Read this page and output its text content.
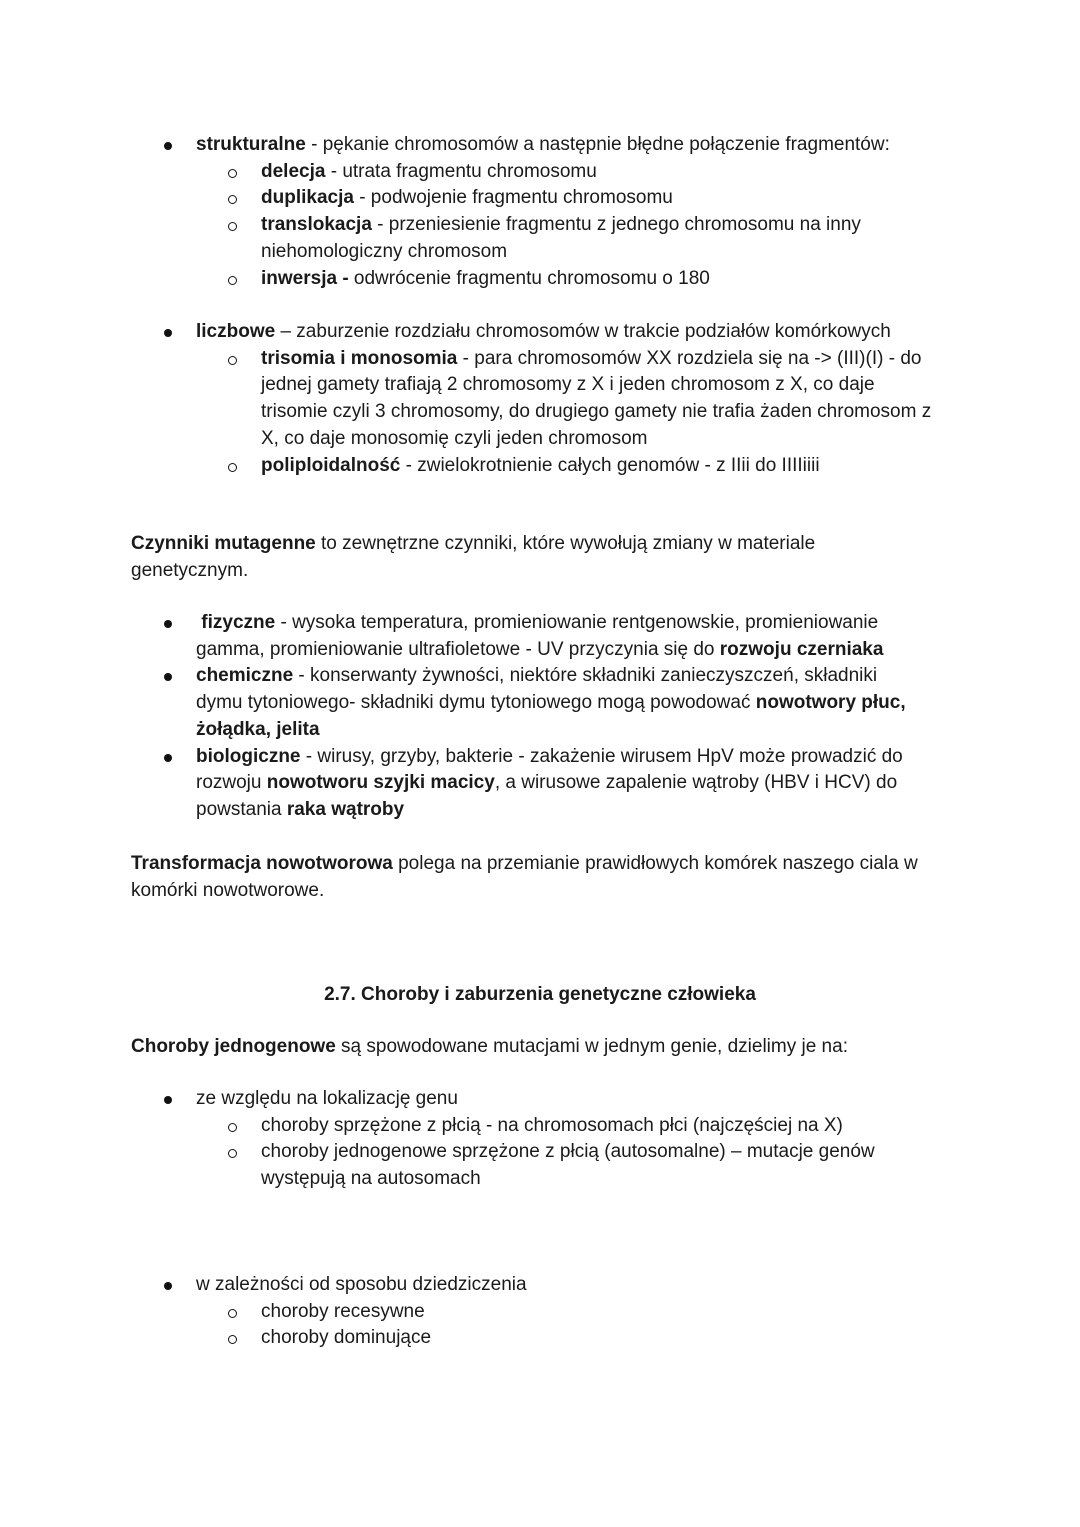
strukturalne - pękanie chromosomów a następnie błędne połączenie fragmentów:
delecja - utrata fragmentu chromosomu
duplikacja - podwojenie fragmentu chromosomu
translokacja - przeniesienie fragmentu z jednego chromosomu na inny niehomologiczny chromosom
inwersja - odwrócenie fragmentu chromosomu o 180
liczbowe – zaburzenie rozdziału chromosomów w trakcie podziałów komórkowych
trisomia i monosomia - para chromosomów XX rozdziela się na -> (III)(I) - do jednej gamety trafiają 2 chromosomy z X i jeden chromosom z X, co daje trisomie czyli 3 chromosomy, do drugiego gamety nie trafia żaden chromosom z X, co daje monosomię czyli jeden chromosom
poliploidalność - zwielokrotnienie całych genomów - z IIii do IIIIiiii
Czynniki mutagenne to zewnętrzne czynniki, które wywołują zmiany w materiale genetycznym.
fizyczne - wysoka temperatura, promieniowanie rentgenowskie, promieniowanie gamma, promieniowanie ultrafioletowe - UV przyczynia się do rozwoju czerniaka
chemiczne - konserwanty żywności, niektóre składniki zanieczyszczeń, składniki dymu tytoniowego- składniki dymu tytoniowego mogą powodować nowotwory płuc, żołądka, jelita
biologiczne - wirusy, grzyby, bakterie - zakażenie wirusem HpV może prowadzić do rozwoju nowotworu szyjki macicy, a wirusowe zapalenie wątroby (HBV i HCV) do powstania raka wątroby
Transformacja nowotworowa polega na przemianie prawidłowych komórek naszego ciala w komórki nowotworowe.
2.7. Choroby i zaburzenia genetyczne człowieka
Choroby jednogenowe są spowodowane mutacjami w jednym genie, dzielimy je na:
ze względu na lokalizację genu
choroby sprzężone z płcią - na chromosomach płci (najczęściej na X)
choroby jednogenowe sprzężone z płcią (autosomalne) – mutacje genów występują na autosomach
w zależności od sposobu dziedziczenia
choroby recesywne
choroby dominujące
